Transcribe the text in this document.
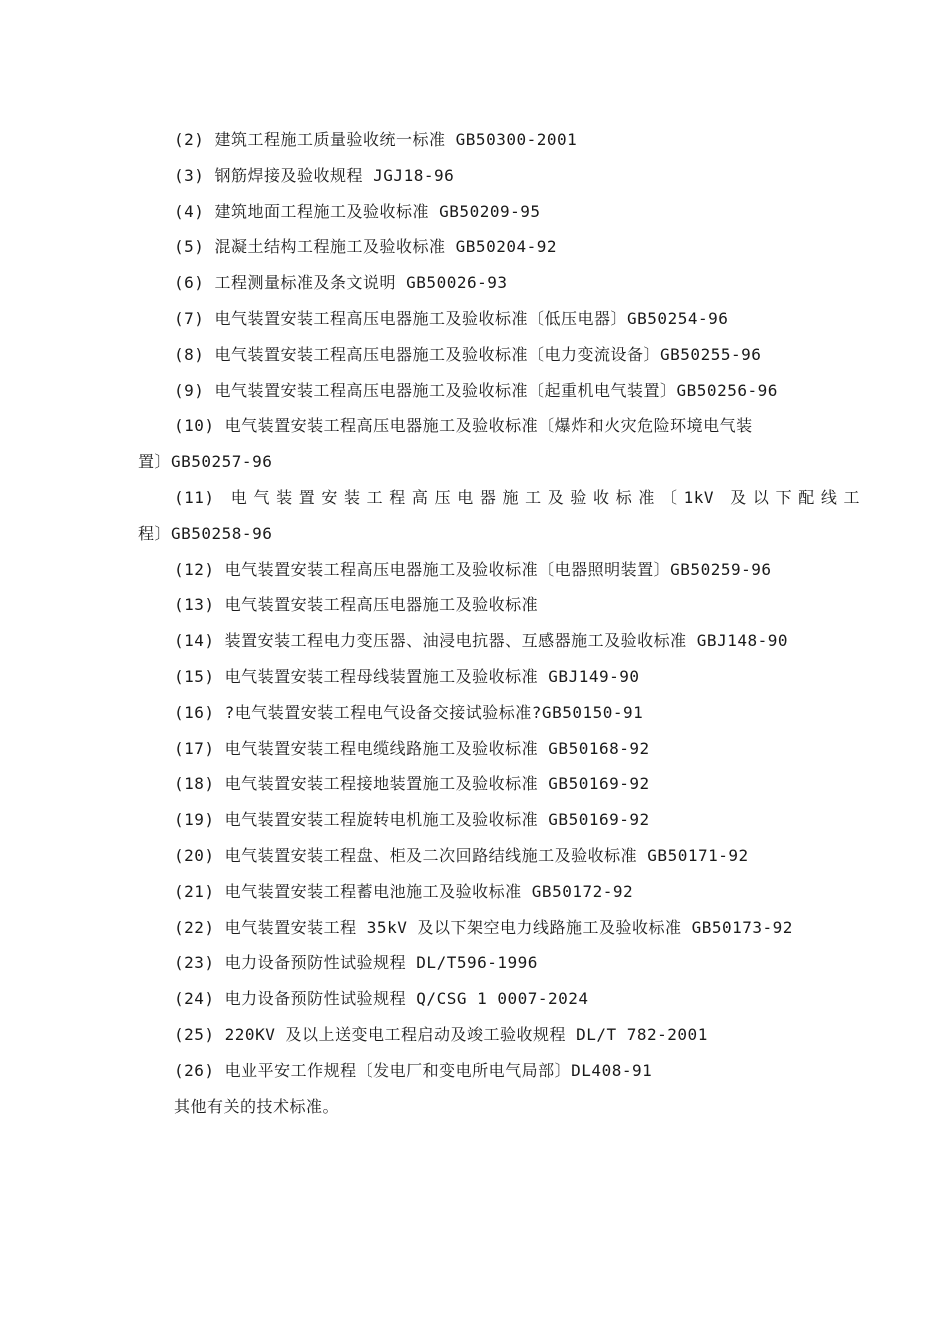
(2) 建筑工程施工质量验收统一标准 GB50300-2001
(3) 钢筋焊接及验收规程 JGJ18-96
(4) 建筑地面工程施工及验收标准 GB50209-95
(5) 混凝土结构工程施工及验收标准 GB50204-92
(6) 工程测量标准及条文说明 GB50026-93
(7) 电气装置安装工程高压电器施工及验收标准〔低压电器〕GB50254-96
(8) 电气装置安装工程高压电器施工及验收标准〔电力变流设备〕GB50255-96
(9) 电气装置安装工程高压电器施工及验收标准〔起重机电气装置〕GB50256-96
(10) 电气装置安装工程高压电器施工及验收标准〔爆炸和火灾危险环境电气装
置〕GB50257-96
(11) 电气装置安装工程高压电器施工及验收标准〔1kV 及以下配线工
程〕GB50258-96
(12) 电气装置安装工程高压电器施工及验收标准〔电器照明装置〕GB50259-96
(13) 电气装置安装工程高压电器施工及验收标准
(14) 装置安装工程电力变压器、油浸电抗器、互感器施工及验收标准 GBJ148-90
(15) 电气装置安装工程母线装置施工及验收标准 GBJ149-90
(16) ?电气装置安装工程电气设备交接试验标准?GB50150-91
(17) 电气装置安装工程电缆线路施工及验收标准 GB50168-92
(18) 电气装置安装工程接地装置施工及验收标准 GB50169-92
(19) 电气装置安装工程旋转电机施工及验收标准 GB50169-92
(20) 电气装置安装工程盘、柜及二次回路结线施工及验收标准 GB50171-92
(21) 电气装置安装工程蓄电池施工及验收标准 GB50172-92
(22) 电气装置安装工程 35kV 及以下架空电力线路施工及验收标准 GB50173-92
(23) 电力设备预防性试验规程 DL/T596-1996
(24) 电力设备预防性试验规程 Q/CSG 1 0007-2024
(25) 220KV 及以上送变电工程启动及竣工验收规程 DL/T 782-2001
(26) 电业平安工作规程〔发电厂和变电所电气局部〕DL408-91
其他有关的技术标准。
